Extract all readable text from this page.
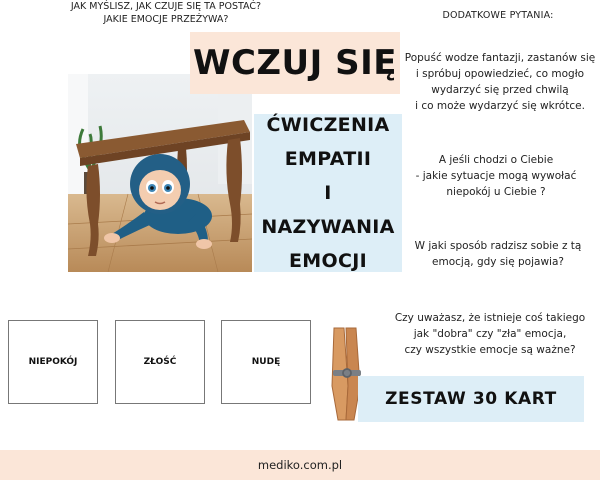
JAK MYŚLISZ, JAK CZUJE SIĘ TA POSTAĆ?
JAKIE EMOCJE PRZEŻYWA?	DODATKOWE PYTANIA:
WCZUJ SIĘ
ĆWICZENIA
EMPATII
I
NAZYWANIA
EMOCJI
Popuść wodze fantazji, zastanów się
i spróbuj opowiedzieć, co mogło
wydarzyć się przed chwilą
i co może wydarzyć się wkrótce.
A jeśli chodzi o Ciebie
- jakie sytuacje mogą wywołać
niepokój u Ciebie ?
W jaki sposób radzisz sobie z tą
emocją, gdy się pojawia?
Czy uważasz, że istnieje coś takiego
jak "dobra" czy "zła" emocja,
czy wszystkie emocje są ważne?
NIEPOKÓJ	ZŁOŚĆ	NUDĘ
ZESTAW 30 KART
mediko.com.pl
